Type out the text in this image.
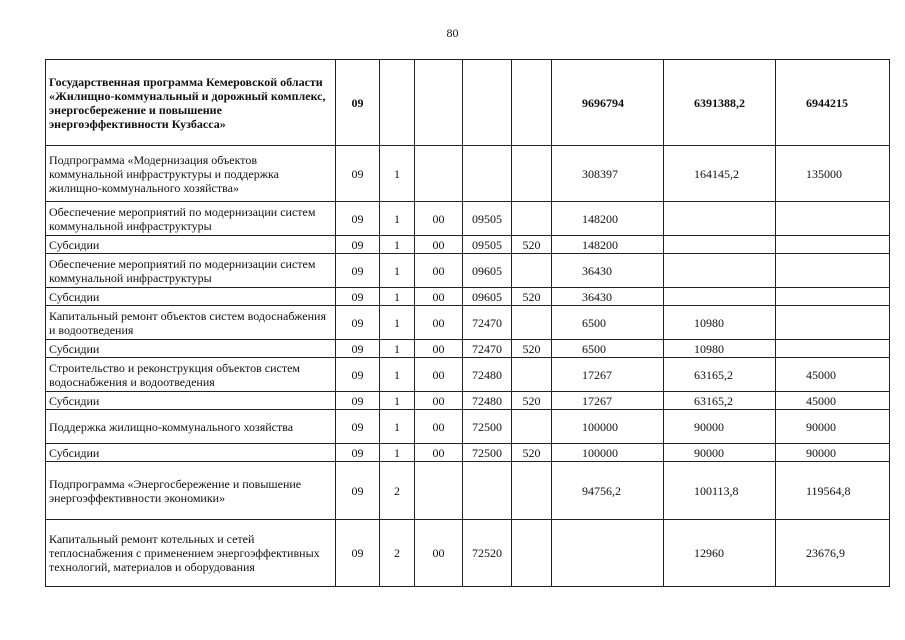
80
Государственная программа Кемеровской области «Жилищно-коммунальный и дорожный комплекс, энергосбережение и повышение энергоэффективности Кузбасса»	09					9696794	6391388,2	6944215
Подпрограмма «Модернизация объектов коммунальной инфраструктуры и поддержка жилищно-коммунального хозяйства»	09	1				308397	164145,2	135000
Обеспечение мероприятий по модернизации систем коммунальной инфраструктуры	09	1	00	09505		148200		
Субсидии	09	1	00	09505	520	148200		
Обеспечение мероприятий по модернизации систем коммунальной инфраструктуры	09	1	00	09605		36430		
Субсидии	09	1	00	09605	520	36430		
Капитальный ремонт объектов систем водоснабжения и водоотведения	09	1	00	72470		6500	10980	
Субсидии	09	1	00	72470	520	6500	10980	
Строительство и реконструкция объектов систем водоснабжения и водоотведения	09	1	00	72480		17267	63165,2	45000
Субсидии	09	1	00	72480	520	17267	63165,2	45000
Поддержка жилищно-коммунального хозяйства	09	1	00	72500		100000	90000	90000
Субсидии	09	1	00	72500	520	100000	90000	90000
Подпрограмма «Энергосбережение и повышение энергоэффективности экономики»	09	2				94756,2	100113,8	119564,8
Капитальный ремонт котельных и сетей теплоснабжения с применением энергоэффективных технологий, материалов и оборудования	09	2	00	72520			12960	23676,9
